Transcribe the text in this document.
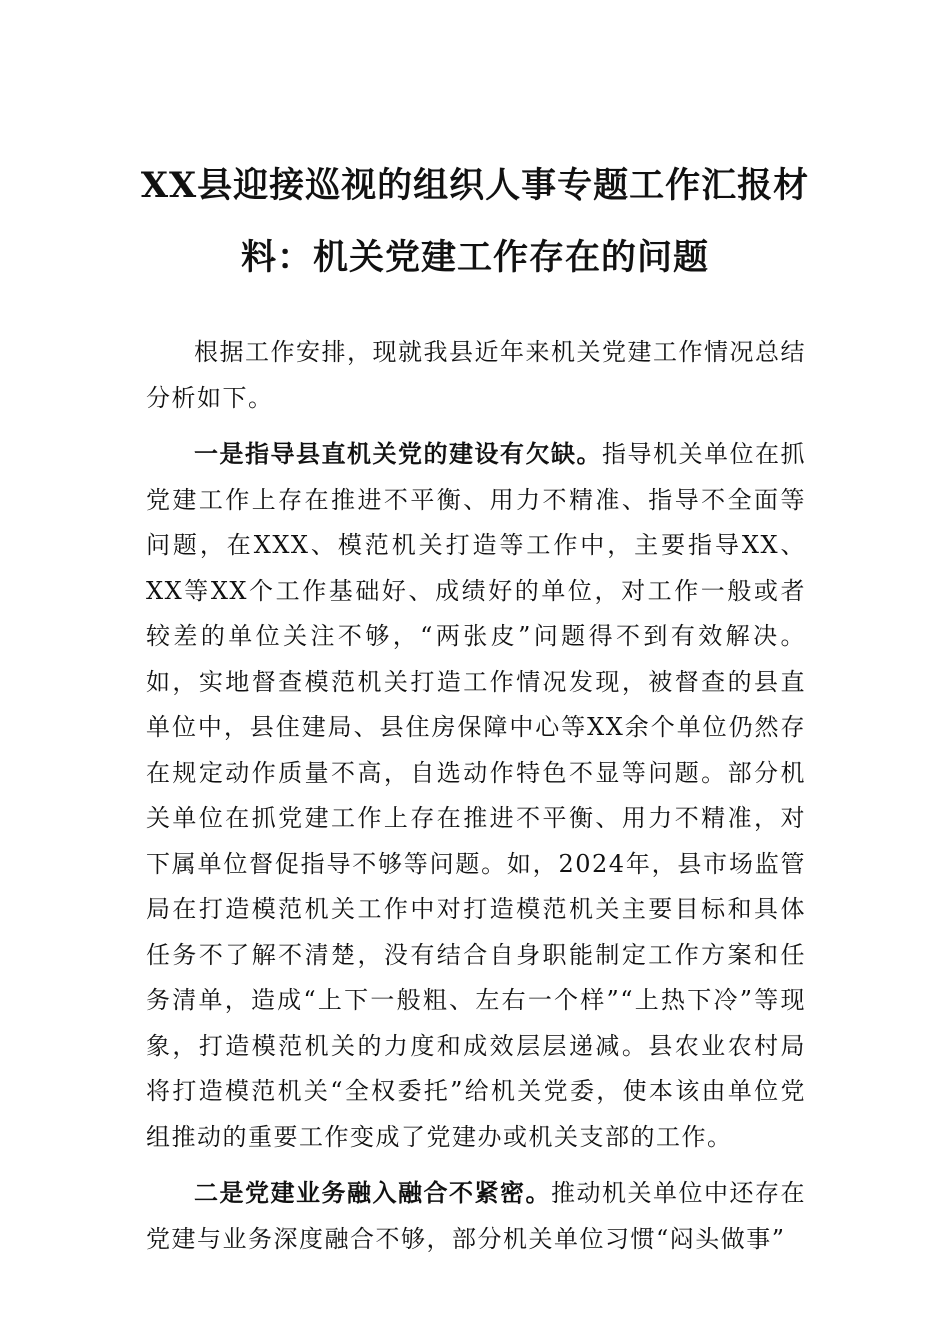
XX县迎接巡视的组织人事专题工作汇报材料：机关党建工作存在的问题

根据工作安排，现就我县近年来机关党建工作情况总结分析如下。

一是指导县直机关党的建设有欠缺。指导机关单位在抓党建工作上存在推进不平衡、用力不精准、指导不全面等问题，在XXX、模范机关打造等工作中，主要指导XX、XX等XX个工作基础好、成绩好的单位，对工作一般或者较差的单位关注不够，“两张皮”问题得不到有效解决。如，实地督查模范机关打造工作情况发现，被督查的县直单位中，县住建局、县住房保障中心等XX余个单位仍然存在规定动作质量不高，自选动作特色不显等问题。部分机关单位在抓党建工作上存在推进不平衡、用力不精准，对下属单位督促指导不够等问题。如，2024年，县市场监管局在打造模范机关工作中对打造模范机关主要目标和具体任务不了解不清楚，没有结合自身职能制定工作方案和任务清单，造成“上下一般粗、左右一个样”“上热下冷”等现象，打造模范机关的力度和成效层层递减。县农业农村局将打造模范机关“全权委托”给机关党委，使本该由单位党组推动的重要工作变成了党建办或机关支部的工作。

二是党建业务融入融合不紧密。推动机关单位中还存在党建与业务深度融合不够，部分机关单位习惯“闷头做事”
